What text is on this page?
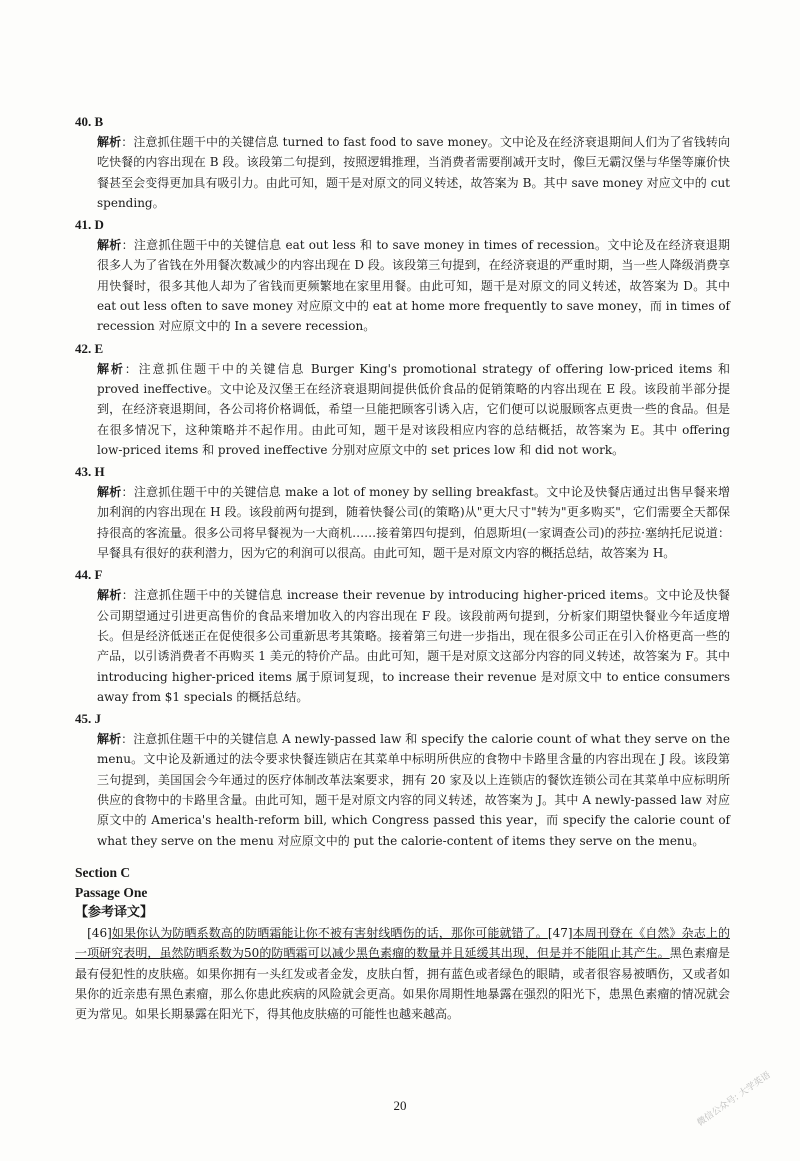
40. B
解析：注意抓住题干中的关键信息 turned to fast food to save money。文中论及在经济衰退期间人们为了省钱转向吃快餐的内容出现在 B 段。该段第二句提到，按照逻辑推理，当消费者需要削减开支时，像巨无霸汉堡与华堡等廉价快餐甚至会变得更加具有吸引力。由此可知，题干是对原文的同义转述，故答案为 B。其中 save money 对应文中的 cut spending。
41. D
解析：注意抓住题干中的关键信息 eat out less 和 to save money in times of recession。文中论及在经济衰退期很多人为了省钱在外用餐次数减少的内容出现在 D 段。该段第三句提到，在经济衰退的严重时期，当一些人降级消费享用快餐时，很多其他人却为了省钱而更频繁地在家里用餐。由此可知，题干是对原文的同义转述，故答案为 D。其中 eat out less often to save money 对应原文中的 eat at home more frequently to save money，而 in times of recession 对应原文中的 In a severe recession。
42. E
解析：注意抓住题干中的关键信息 Burger King's promotional strategy of offering low-priced items 和 proved ineffective。文中论及汉堡王在经济衰退期间提供低价食品的促销策略的内容出现在 E 段。该段前半部分提到，在经济衰退期间，各公司将价格调低，希望一旦能把顾客引诱入店，它们便可以说服顾客点更贵一些的食品。但是在很多情况下，这种策略并不起作用。由此可知，题干是对该段相应内容的总结概括，故答案为 E。其中 offering low-priced items 和 proved ineffective 分别对应原文中的 set prices low 和 did not work。
43. H
解析：注意抓住题干中的关键信息 make a lot of money by selling breakfast。文中论及快餐店通过出售早餐来增加利润的内容出现在 H 段。该段前两句提到，随着快餐公司(的策略)从"更大尺寸"转为"更多购买"，它们需要全天都保持很高的客流量。很多公司将早餐视为一大商机……接着第四句提到，伯恩斯坦(一家调查公司)的莎拉·塞纳托尼说道：早餐具有很好的获利潜力，因为它的利润可以很高。由此可知，题干是对原文内容的概括总结，故答案为 H。
44. F
解析：注意抓住题干中的关键信息 increase their revenue by introducing higher-priced items。文中论及快餐公司期望通过引进更高售价的食品来增加收入的内容出现在 F 段。该段前两句提到，分析家们期望快餐业今年适度增长。但是经济低迷正在促使很多公司重新思考其策略。接着第三句进一步指出，现在很多公司正在引入价格更高一些的产品，以引诱消费者不再购买 1 美元的特价产品。由此可知，题干是对原文这部分内容的同义转述，故答案为 F。其中 introducing higher-priced items 属于原词复现，to increase their revenue 是对原文中 to entice consumers away from $1 specials 的概括总结。
45. J
解析：注意抓住题干中的关键信息 A newly-passed law 和 specify the calorie count of what they serve on the menu。文中论及新通过的法令要求快餐连锁店在其菜单中标明所供应的食物中卡路里含量的内容出现在 J 段。该段第三句提到，美国国会今年通过的医疗体制改革法案要求，拥有 20 家及以上连锁店的餐饮连锁公司在其菜单中应标明所供应的食物中的卡路里含量。由此可知，题干是对原文内容的同义转述，故答案为 J。其中 A newly-passed law 对应原文中的 America's health-reform bill, which Congress passed this year，而 specify the calorie count of what they serve on the menu 对应原文中的 put the calorie-content of items they serve on the menu。
Section C
Passage One
【参考译文】
　[46]如果你认为防晒系数高的防晒霜能让你不被有害射线晒伤的话，那你可能就错了。[47]本周刊登在《自然》杂志上的一项研究表明，虽然防晒系数为50的防晒霜可以减少黑色素瘤的数量并且延缓其出现，但是并不能阻止其产生。黑色素瘤是最有侵犯性的皮肤癌。如果你拥有一头红发或者金发，皮肤白皙，拥有蓝色或者绿色的眼睛，或者很容易被晒伤，又或者如果你的近亲患有黑色素瘤，那么你患此疾病的风险就会更高。如果你周期性地暴露在强烈的阳光下，患黑色素瘤的情况就会更为常见。如果长期暴露在阳光下，得其他皮肤癌的可能性也越来越高。
20	微信公众号: 大学英语
